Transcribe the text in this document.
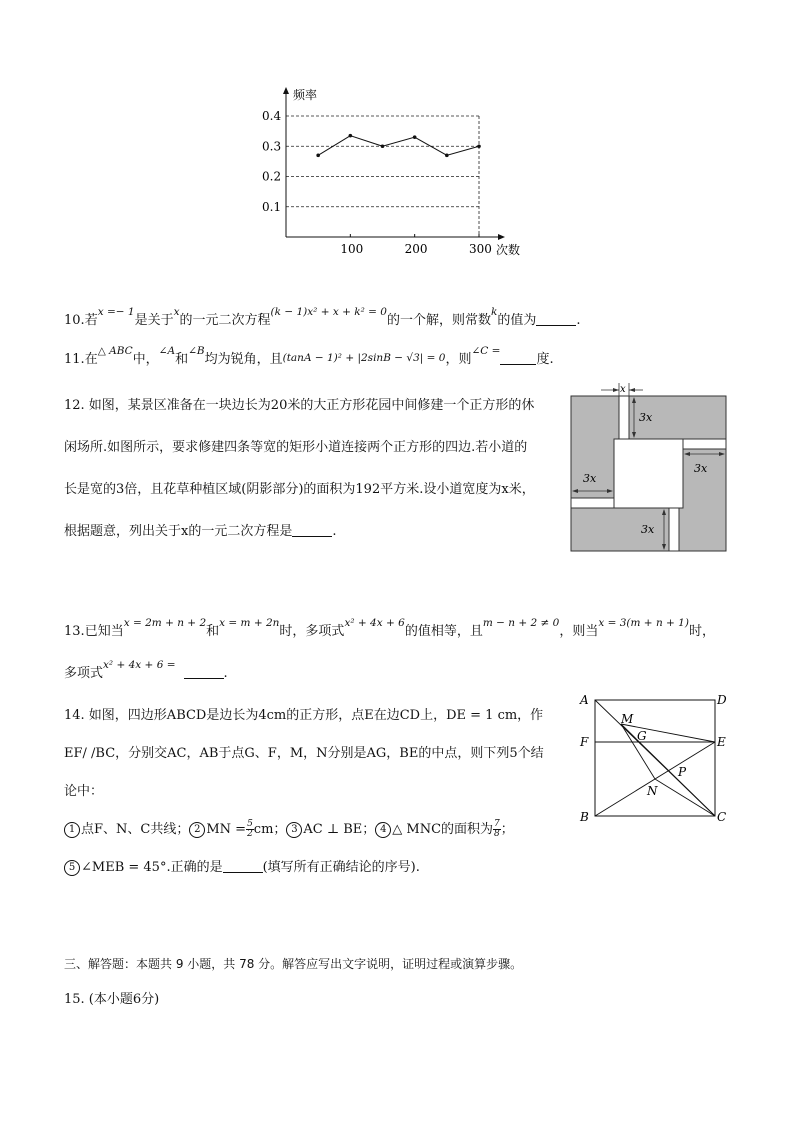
频率
次数
0.1
0.2
0.3
0.4
100	200	300
10.若$^{x =- 1}$是关于$^x$的一元二次方程$^{(k - 1)x^2 + x + k^2 = 0}$的一个解，则常数$^k$的值为	.
11.在$^{\triangle ABC}$中，$^{\angle A}$和$^{\angle B}$均为锐角，且(tanA − 1)² + |2sinB − √3| = 0，则$^{\angle C =}$度.
12. 如图，某景区准备在一块边长为20米的大正方形花园中间修建一个正方形的休
闲场所.如图所示，要求修建四条等宽的矩形小道连接两个正方形的四边.若小道的
长是宽的3倍，且花草种植区域(阴影部分)的面积为192平方米.设小道宽度为x米，
根据题意，列出关于x的一元二次方程是	.
x
3x
3x
3x
3x
13.已知当$^{x = 2m + n + 2}$和$^{x = m + 2n}$时，多项式$^{x^2 + 4x + 6}$的值相等，且$^{m - n + 2 \ne 0}$，则当$^{x = 3(m + n + 1)}$时，
多项式$^{x^2 + 4x + 6 =}$.
14. 如图，四边形ABCD是边长为4cm的正方形，点E在边CD上，DE = 1 cm，作
EF/ /BC，分别交AC，AB于点G、F，M，N分别是AG，BE的中点，则下列5个结
论中：
1 点F、N、C共线； 2 MN = $\frac{5}{2}$ cm； 3 AC ⊥ BE； 4 △ MNC的面积为 $\frac{7}{8}$ ；
5 ∠MEB = 45°.正确的是	(填写所有正确结论的序号).
A	D
F	E
B	C
M
G
P
N
三、解答题：本题共 9 小题，共 78 分。解答应写出文字说明，证明过程或演算步骤。
15. (本小题6分)
